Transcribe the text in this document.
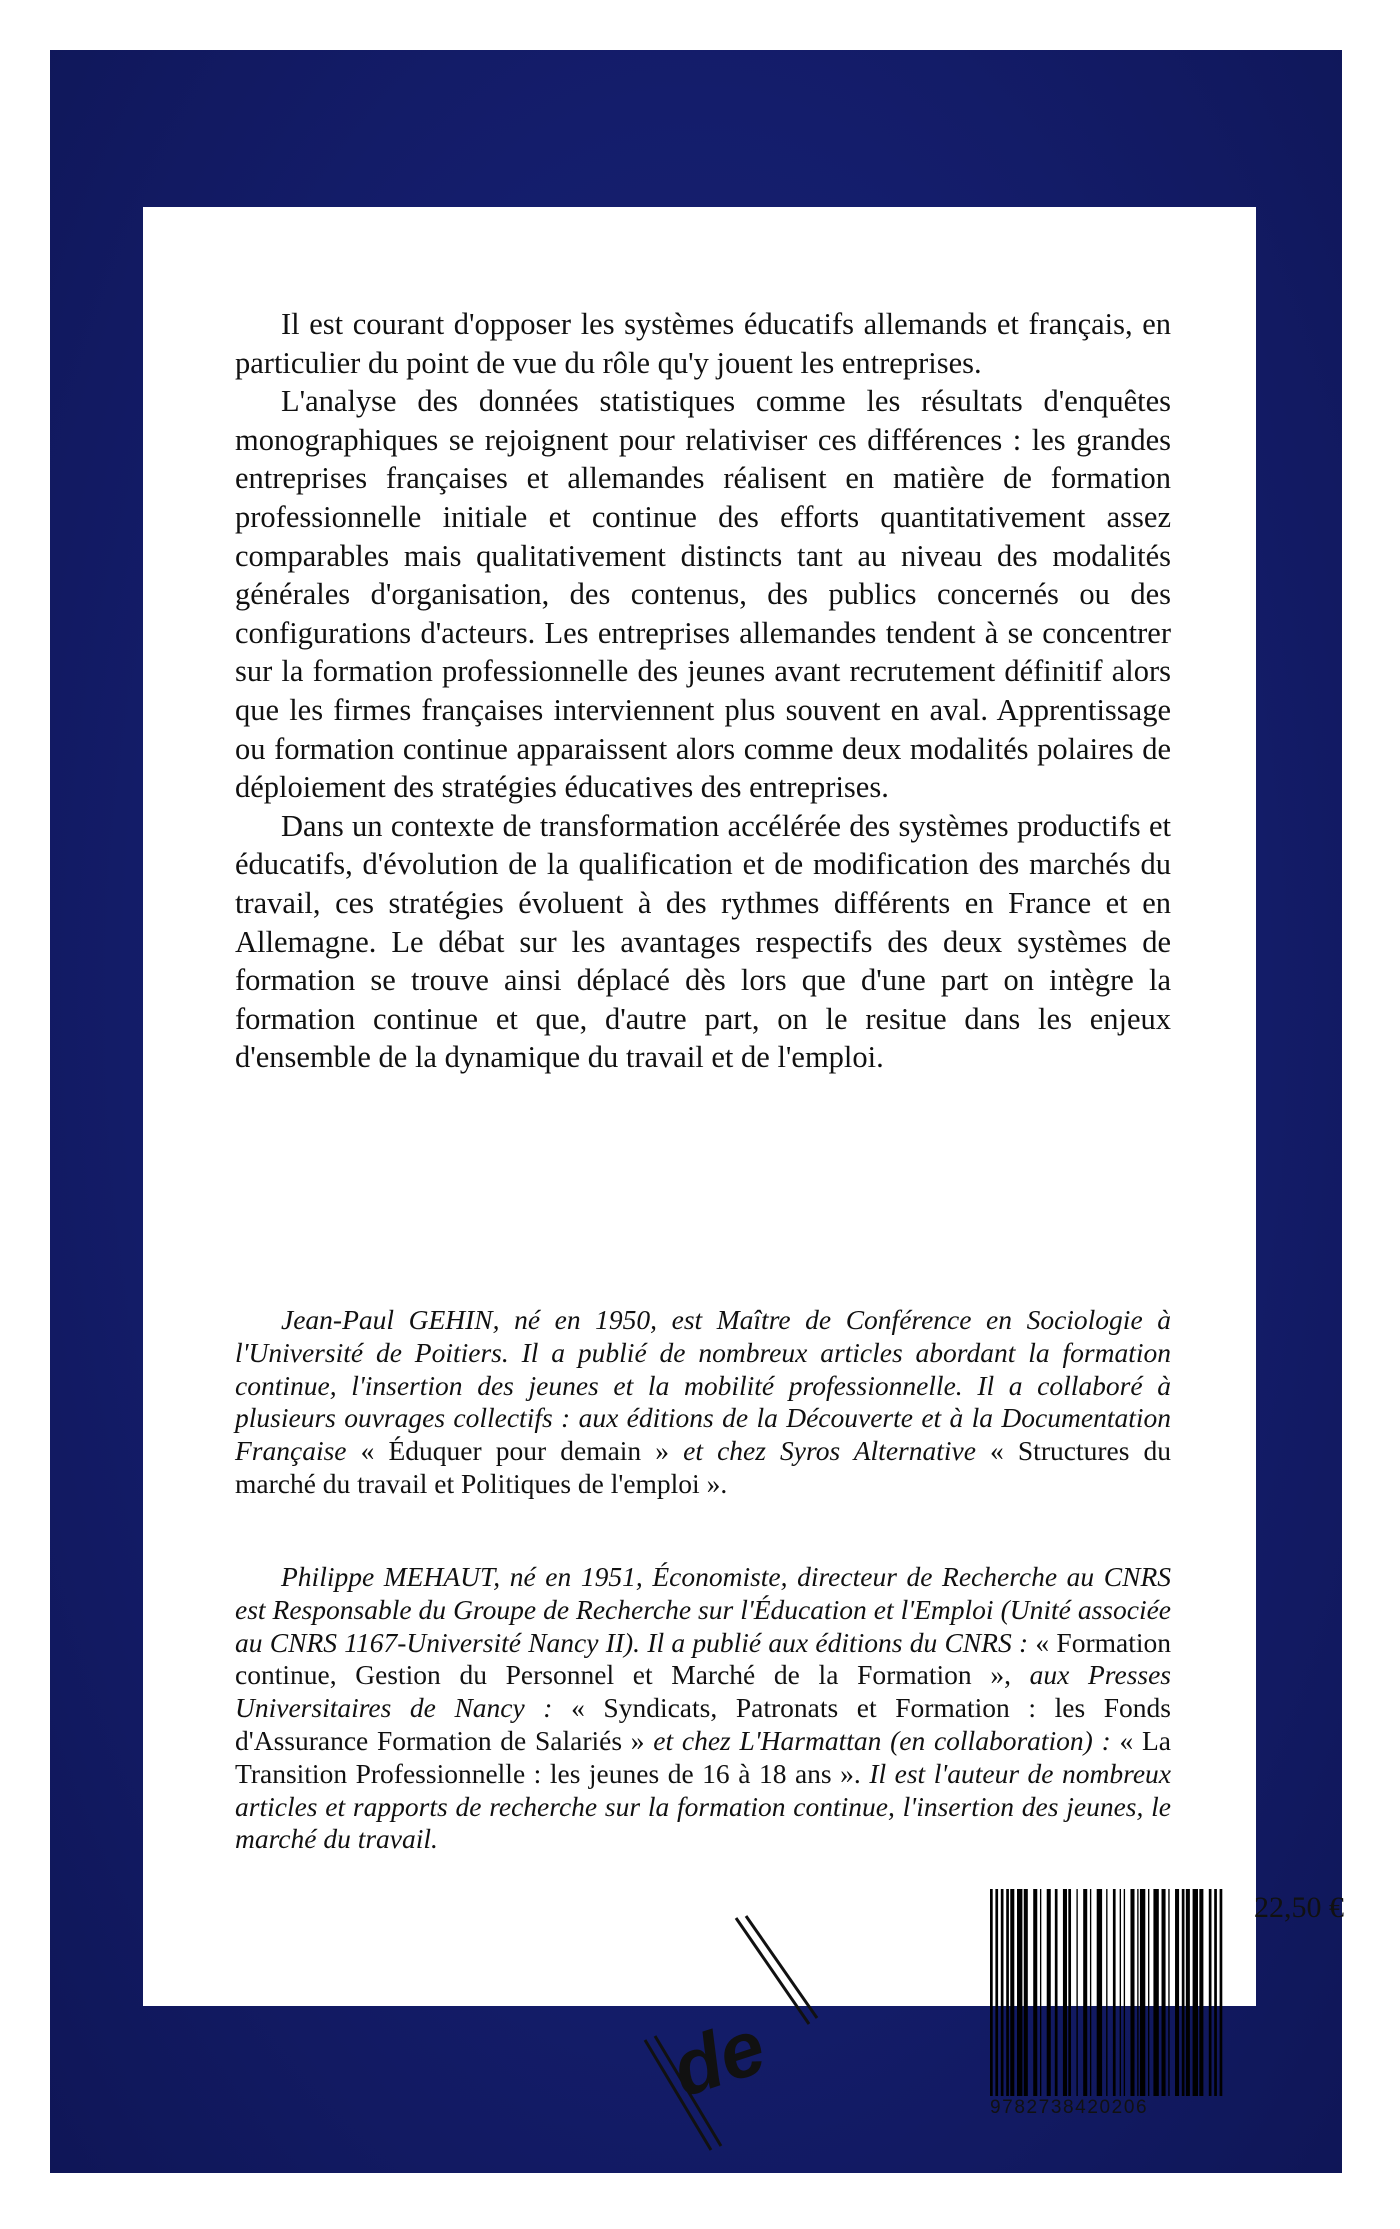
Il est courant d'opposer les systèmes éducatifs allemands et français, en particulier du point de vue du rôle qu'y jouent les entreprises.

L'analyse des données statistiques comme les résultats d'enquêtes monographiques se rejoignent pour relativiser ces différences : les grandes entreprises françaises et allemandes réalisent en matière de formation professionnelle initiale et continue des efforts quantitativement assez comparables mais qualitativement distincts tant au niveau des modalités générales d'organisation, des contenus, des publics concernés ou des configurations d'acteurs. Les entreprises allemandes tendent à se concentrer sur la formation professionnelle des jeunes avant recrutement définitif alors que les firmes françaises interviennent plus souvent en aval. Apprentissage ou formation continue apparaissent alors comme deux modalités polaires de déploiement des stratégies éducatives des entreprises.

Dans un contexte de transformation accélérée des systèmes productifs et éducatifs, d'évolution de la qualification et de modification des marchés du travail, ces stratégies évoluent à des rythmes différents en France et en Allemagne. Le débat sur les avantages respectifs des deux systèmes de formation se trouve ainsi déplacé dès lors que d'une part on intègre la formation continue et que, d'autre part, on le resitue dans les enjeux d'ensemble de la dynamique du travail et de l'emploi.

Jean-Paul GEHIN, né en 1950, est Maître de Conférence en Sociologie à l'Université de Poitiers. Il a publié de nombreux articles abordant la formation continue, l'insertion des jeunes et la mobilité professionnelle. Il a collaboré à plusieurs ouvrages collectifs : aux éditions de la Découverte et à la Documentation Française « Éduquer pour demain » et chez Syros Alternative « Structures du marché du travail et Politiques de l'emploi ».

Philippe MEHAUT, né en 1951, Économiste, directeur de Recherche au CNRS est Responsable du Groupe de Recherche sur l'Éducation et l'Emploi (Unité associée au CNRS 1167-Université Nancy II). Il a publié aux éditions du CNRS : « Formation continue, Gestion du Personnel et Marché de la Formation », aux Presses Universitaires de Nancy : « Syndicats, Patronats et Formation : les Fonds d'Assurance Formation de Salariés » et chez L'Harmattan (en collaboration) : « La Transition Professionnelle : les jeunes de 16 à 18 ans ». Il est l'auteur de nombreux articles et rapports de recherche sur la formation continue, l'insertion des jeunes, le marché du travail.

de
22,50 €
9782738420206
